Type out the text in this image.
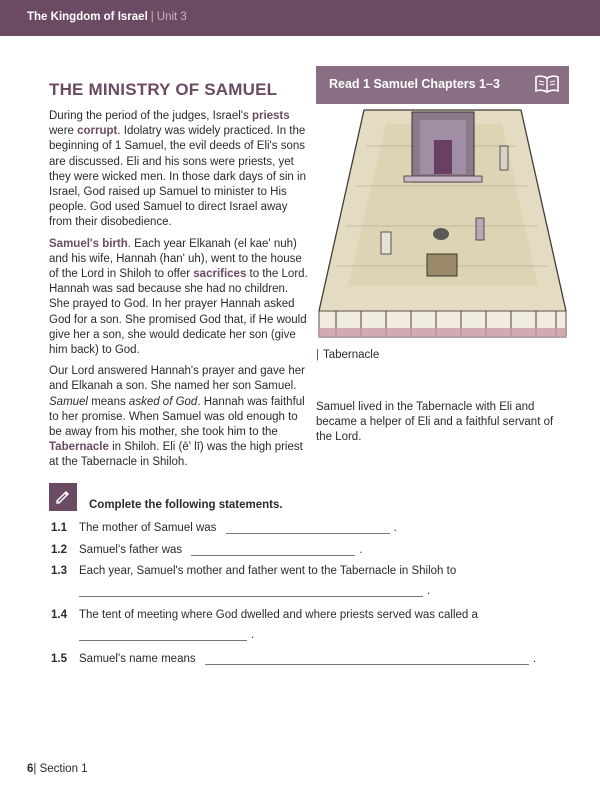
The Kingdom of Israel | Unit 3
THE MINISTRY OF SAMUEL

During the period of the judges, Israel's priests were corrupt. Idolatry was widely practiced. In the beginning of 1 Samuel, the evil deeds of Eli's sons are discussed. Eli and his sons were priests, yet they were wicked men. In those dark days of sin in Israel, God raised up Samuel to minister to His people. God used Samuel to direct Israel away from their disobedience.

Samuel's birth. Each year Elkanah (el kae' nuh) and his wife, Hannah (han' uh), went to the house of the Lord in Shiloh to offer sacrifices to the Lord. Hannah was sad because she had no children. She prayed to God. In her prayer Hannah asked God for a son. She promised God that, if He would give her a son, she would dedicate her son (give him back) to God.

Our Lord answered Hannah's prayer and gave her and Elkanah a son. She named her son Samuel. Samuel means asked of God. Hannah was faithful to her promise. When Samuel was old enough to be away from his mother, she took him to the Tabernacle in Shiloh. Eli (ē' lī) was the high priest at the Tabernacle in Shiloh.

Read 1 Samuel Chapters 1–3
| Tabernacle

Samuel lived in the Tabernacle with Eli and became a helper of Eli and a faithful servant of the Lord.

Complete the following statements.
1.1 The mother of Samuel was	.
1.2 Samuel's father was	.
1.3 Each year, Samuel's mother and father went to the Tabernacle in Shiloh to
.
1.4 The tent of meeting where God dwelled and where priests served was called a
.
1.5 Samuel's name means	.
6| Section 1
